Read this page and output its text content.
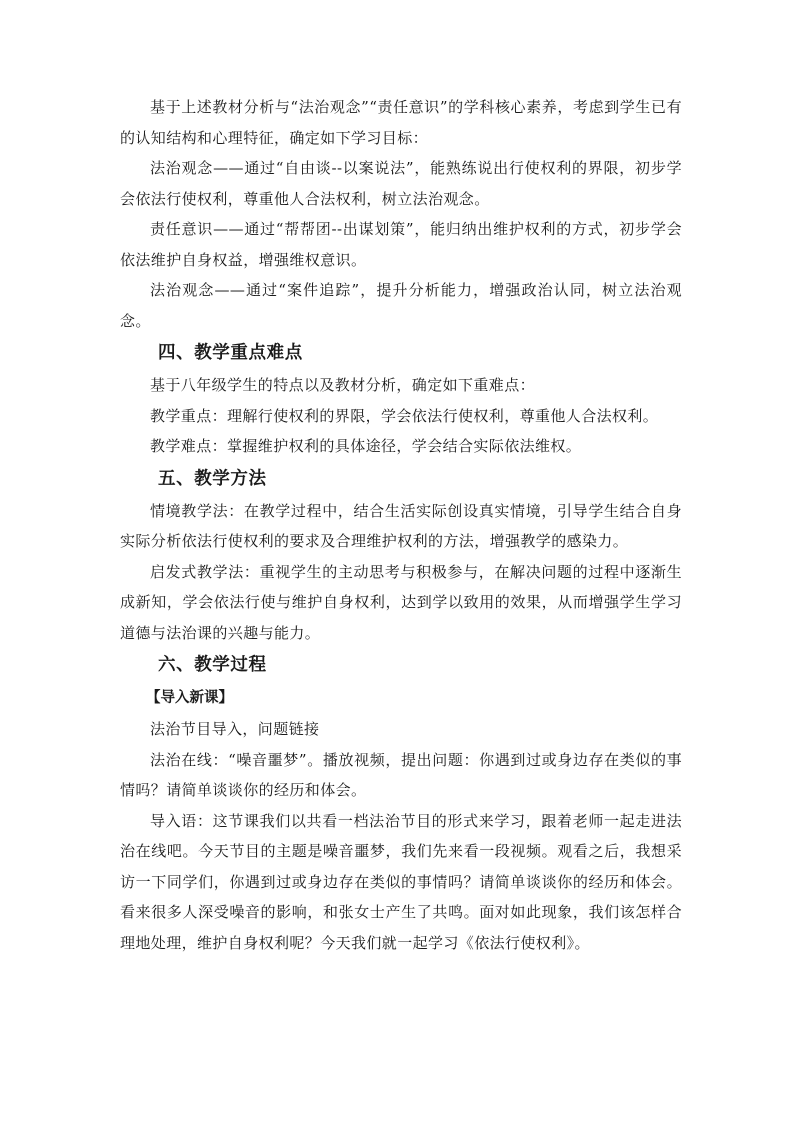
基于上述教材分析与“法治观念”“责任意识”的学科核心素养，考虑到学生已有的认知结构和心理特征，确定如下学习目标：

法治观念——通过“自由谈--以案说法”，能熟练说出行使权利的界限，初步学会依法行使权利，尊重他人合法权利，树立法治观念。

责任意识——通过“帮帮团--出谋划策”，能归纳出维护权利的方式，初步学会依法维护自身权益，增强维权意识。

法治观念——通过“案件追踪”，提升分析能力，增强政治认同，树立法治观念。

四、教学重点难点

基于八年级学生的特点以及教材分析，确定如下重难点：

教学重点：理解行使权利的界限，学会依法行使权利，尊重他人合法权利。

教学难点：掌握维护权利的具体途径，学会结合实际依法维权。

五、教学方法

情境教学法：在教学过程中，结合生活实际创设真实情境，引导学生结合自身实际分析依法行使权利的要求及合理维护权利的方法，增强教学的感染力。

启发式教学法：重视学生的主动思考与积极参与，在解决问题的过程中逐渐生成新知，学会依法行使与维护自身权利，达到学以致用的效果，从而增强学生学习道德与法治课的兴趣与能力。

六、教学过程

【导入新课】

法治节目导入，问题链接

法治在线：“噪音噩梦”。播放视频，提出问题：你遇到过或身边存在类似的事情吗？请简单谈谈你的经历和体会。

导入语：这节课我们以共看一档法治节目的形式来学习，跟着老师一起走进法治在线吧。今天节目的主题是噪音噩梦，我们先来看一段视频。观看之后，我想采访一下同学们，你遇到过或身边存在类似的事情吗？请简单谈谈你的经历和体会。看来很多人深受噪音的影响，和张女士产生了共鸣。面对如此现象，我们该怎样合理地处理，维护自身权利呢？今天我们就一起学习《依法行使权利》。
